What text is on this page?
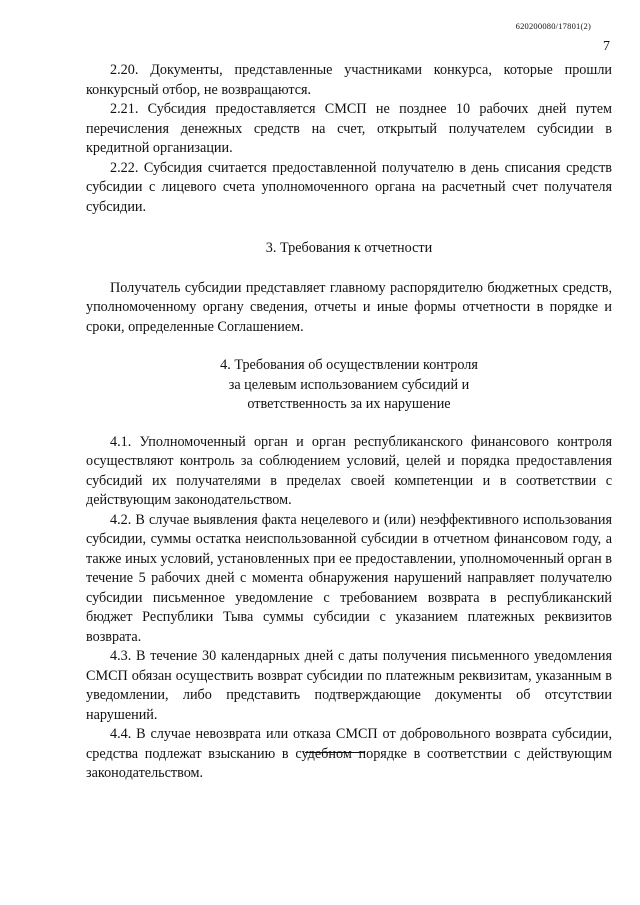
620200080/17801(2)
7

2.20. Документы, представленные участниками конкурса, которые прошли конкурсный отбор, не возвращаются.

2.21. Субсидия предоставляется СМСП не позднее 10 рабочих дней путем перечисления денежных средств на счет, открытый получателем субсидии в кредитной организации.

2.22. Субсидия считается предоставленной получателю в день списания средств субсидии с лицевого счета уполномоченного органа на расчетный счет получателя субсидии.

3. Требования к отчетности

Получатель субсидии представляет главному распорядителю бюджетных средств, уполномоченному органу сведения, отчеты и иные формы отчетности в порядке и сроки, определенные Соглашением.

4. Требования об осуществлении контроля
за целевым использованием субсидий и
ответственность за их нарушение

4.1. Уполномоченный орган и орган республиканского финансового контроля осуществляют контроль за соблюдением условий, целей и порядка предоставления субсидий их получателями в пределах своей компетенции и в соответствии с действующим законодательством.

4.2. В случае выявления факта нецелевого и (или) неэффективного использования субсидии, суммы остатка неиспользованной субсидии в отчетном финансовом году, а также иных условий, установленных при ее предоставлении, уполномоченный орган в течение 5 рабочих дней с момента обнаружения нарушений направляет получателю субсидии письменное уведомление с требованием возврата в республиканский бюджет Республики Тыва суммы субсидии с указанием платежных реквизитов возврата.

4.3. В течение 30 календарных дней с даты получения письменного уведомления СМСП обязан осуществить возврат субсидии по платежным реквизитам, указанным в уведомлении, либо представить подтверждающие документы об отсутствии нарушений.

4.4. В случае невозврата или отказа СМСП от добровольного возврата субсидии, средства подлежат взысканию в судебном порядке в соответствии с действующим законодательством.
